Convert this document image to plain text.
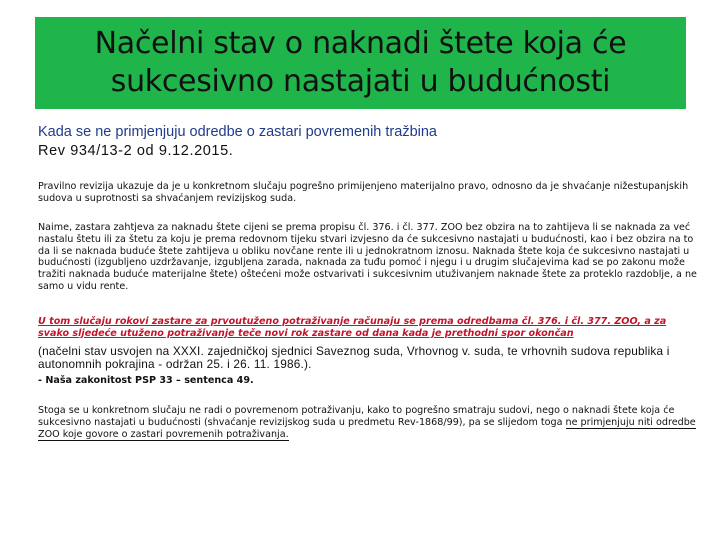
Načelni stav o naknadi štete koja će sukcesivno nastajati u budućnosti
Kada se ne primjenjuju odredbe o zastari povremenih tražbina
Rev 934/13-2 od 9.12.2015.
Pravilno revizija ukazuje da je u konkretnom slučaju pogrešno primijenjeno materijalno pravo, odnosno da je shvaćanje nižestupanjskih sudova u suprotnosti sa shvaćanjem revizijskog suda.
Naime, zastara zahtjeva za naknadu štete cijeni se prema propisu čl. 376. i čl. 377. ZOO bez obzira na to zahtijeva li se naknada za već nastalu štetu ili za štetu za koju je prema redovnom tijeku stvari izvjesno da će sukcesivno nastajati u budućnosti, kao i bez obzira na to da li se naknada buduće štete zahtijeva u obliku novčane rente ili u jednokratnom iznosu. Naknada štete koja će sukcesivno nastajati u budućnosti (izgubljeno uzdržavanje, izgubljena zarada, naknada za tuđu pomoć i njegu i u drugim slučajevima kad se po zakonu može tražiti naknada buduće materijalne štete) oštećeni može ostvarivati i sukcesivnim utuživanjem naknade štete za proteklo razdoblje, a ne samo u vidu rente.
U tom slučaju rokovi zastare za prvoutuženo potraživanje računaju se prema odredbama čl. 376. i čl. 377. ZOO, a za svako sljedeće utuženo potraživanje teče novi rok zastare od dana kada je prethodni spor okončan
(načelni stav usvojen na XXXI. zajedničkoj sjednici Saveznog suda, Vrhovnog v. suda, te vrhovnih sudova republika i autonomnih pokrajina - održan 25. i 26. 11. 1986.).
- Naša zakonitost PSP 33 – sentenca 49.
Stoga se u konkretnom slučaju ne radi o povremenom potraživanju, kako to pogrešno smatraju sudovi, nego o naknadi štete koja će sukcesivno nastajati u budućnosti (shvaćanje revizijskog suda u predmetu Rev-1868/99), pa se slijedom toga ne primjenjuju niti odredbe ZOO koje govore o zastari povremenih potraživanja.
